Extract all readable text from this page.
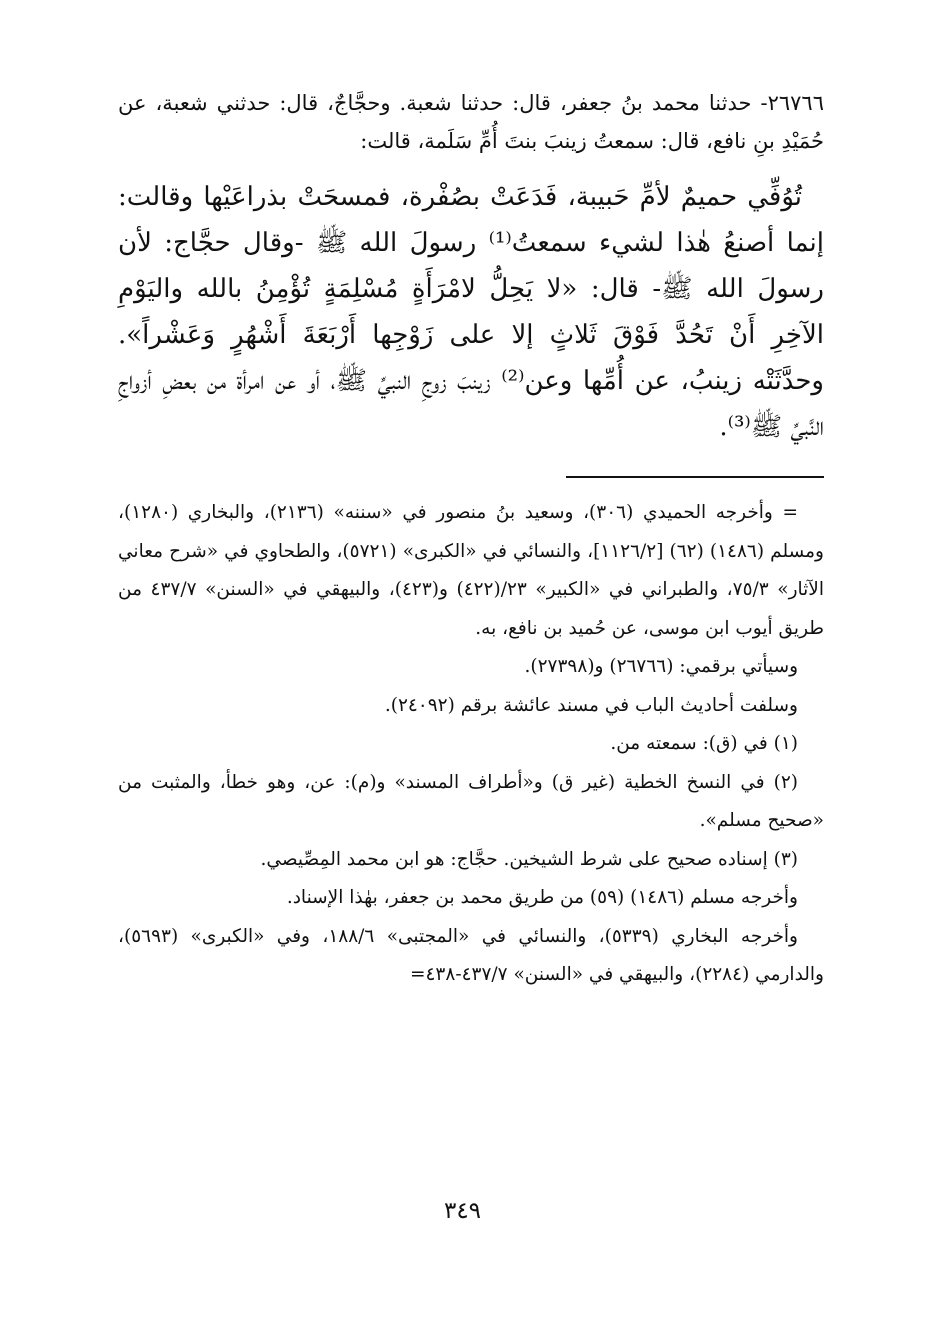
٢٦٧٦٦- حدثنا محمد بنُ جعفر، قال: حدثنا شعبة. وحجَّاجٌ، قال: حدثني شعبة، عن حُمَيْدِ بنِ نافع، قال: سمعتُ زينبَ بنتَ أُمِّ سَلَمة، قالت:

تُوُفِّي حميمٌ لأمِّ حَبيبة، فَدَعَتْ بصُفْرة، فمسحَتْ بذراعَيْها وقالت: إنما أصنعُ هٰذا لشيء سمعتُ⁽¹⁾ رسولَ الله ﷺ -وقال حجَّاج: لأن رسولَ الله ﷺ- قال: «لا يَحِلُّ لامْرَأَةٍ مُسْلِمَةٍ تُؤْمِنُ بالله واليَوْمِ الآخِرِ أَنْ تَحُدَّ فَوْقَ ثَلاثٍ إلا على زَوْجِها أَرْبَعَةَ أَشْهُرٍ وَعَشْراً». وحدَّثَتْه زينبُ، عن أُمِّها وعن⁽²⁾ زينبَ زوجِ النبيِّ ﷺ، أو عن امرأة من بعضِ أزواجِ النَّبيِّ ﷺ⁽³⁾.

= وأخرجه الحميدي (٣٠٦)، وسعيد بنُ منصور في «سننه» (٢١٣٦)، والبخاري (١٢٨٠)، ومسلم (١٤٨٦) (٦٢) [١١٢٦/٢]، والنسائي في «الكبرى» (٥٧٢١)، والطحاوي في «شرح معاني الآثار» ٧٥/٣، والطبراني في «الكبير» ٢٣/(٤٢٢) و(٤٢٣)، والبيهقي في «السنن» ٤٣٧/٧ من طريق أيوب ابن موسى، عن حُميد بن نافع، به.

وسيأتي برقمي: (٢٦٧٦٦) و(٢٧٣٩٨).

وسلفت أحاديث الباب في مسند عائشة برقم (٢٤٠٩٢).

(١) في (ق): سمعته من.

(٢) في النسخ الخطية (غير ق) و«أطراف المسند» و(م): عن، وهو خطأ، والمثبت من «صحيح مسلم».

(٣) إسناده صحيح على شرط الشيخين. حجَّاج: هو ابن محمد المِصِّيصي.

وأخرجه مسلم (١٤٨٦) (٥٩) من طريق محمد بن جعفر، بهٰذا الإسناد.

وأخرجه البخاري (٥٣٣٩)، والنسائي في «المجتبى» ١٨٨/٦، وفي «الكبرى» (٥٦٩٣)، والدارمي (٢٢٨٤)، والبيهقي في «السنن» ٤٣٧/٧-٤٣٨=

٣٤٩
